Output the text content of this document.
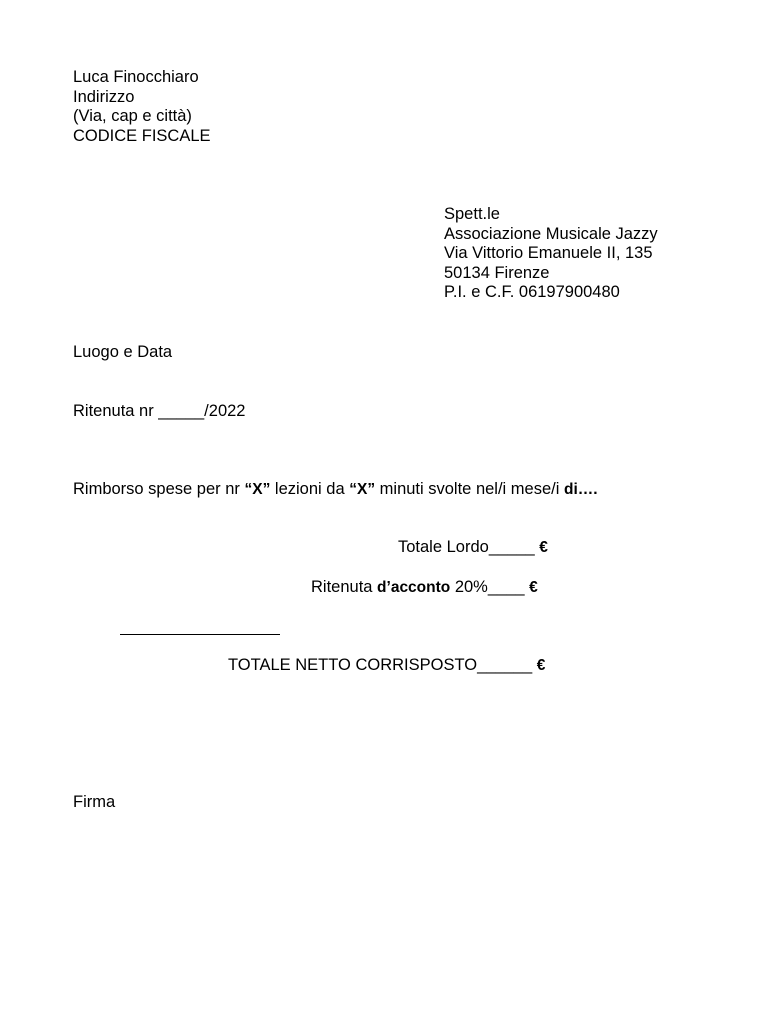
Luca Finocchiaro
Indirizzo
(Via, cap e città)
CODICE FISCALE
Spett.le
Associazione Musicale Jazzy
Via Vittorio Emanuele II, 135
50134 Firenze
P.I. e C.F. 06197900480
Luogo e Data
Ritenuta nr _____/2022
Rimborso spese per nr “X” lezioni da “X” minuti svolte nel/i mese/i di….
Totale Lordo_____ €
Ritenuta d’acconto 20%____ €
TOTALE NETTO CORRISPOSTO______ €
Firma
